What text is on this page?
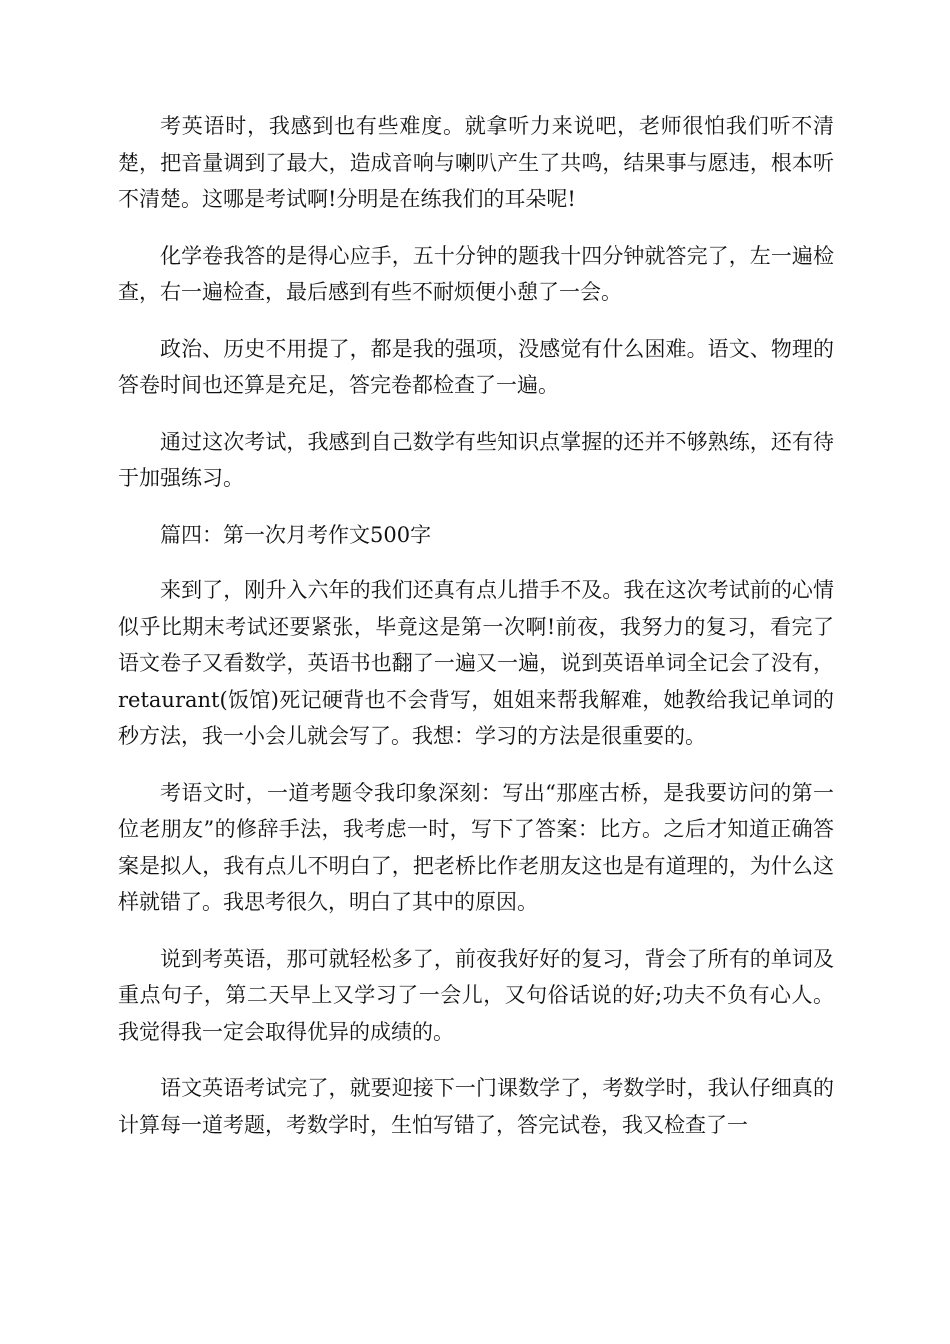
考英语时，我感到也有些难度。就拿听力来说吧，老师很怕我们听不清楚，把音量调到了最大，造成音响与喇叭产生了共鸣，结果事与愿违，根本听不清楚。这哪是考试啊!分明是在练我们的耳朵呢!

化学卷我答的是得心应手，五十分钟的题我十四分钟就答完了，左一遍检查，右一遍检查，最后感到有些不耐烦便小憩了一会。

政治、历史不用提了，都是我的强项，没感觉有什么困难。语文、物理的答卷时间也还算是充足，答完卷都检查了一遍。

通过这次考试，我感到自己数学有些知识点掌握的还并不够熟练，还有待于加强练习。

篇四：第一次月考作文500字

来到了，刚升入六年的我们还真有点儿措手不及。我在这次考试前的心情似乎比期末考试还要紧张，毕竟这是第一次啊!前夜，我努力的复习，看完了语文卷子又看数学，英语书也翻了一遍又一遍，说到英语单词全记会了没有，retaurant(饭馆)死记硬背也不会背写，姐姐来帮我解难，她教给我记单词的秒方法，我一小会儿就会写了。我想：学习的方法是很重要的。

考语文时，一道考题令我印象深刻：写出“那座古桥，是我要访问的第一位老朋友”的修辞手法，我考虑一时，写下了答案：比方。之后才知道正确答案是拟人，我有点儿不明白了，把老桥比作老朋友这也是有道理的，为什么这样就错了。我思考很久，明白了其中的原因。

说到考英语，那可就轻松多了，前夜我好好的复习，背会了所有的单词及重点句子，第二天早上又学习了一会儿，又句俗话说的好;功夫不负有心人。我觉得我一定会取得优异的成绩的。

语文英语考试完了，就要迎接下一门课数学了，考数学时，我认仔细真的计算每一道考题，考数学时，生怕写错了，答完试卷，我又检查了一
